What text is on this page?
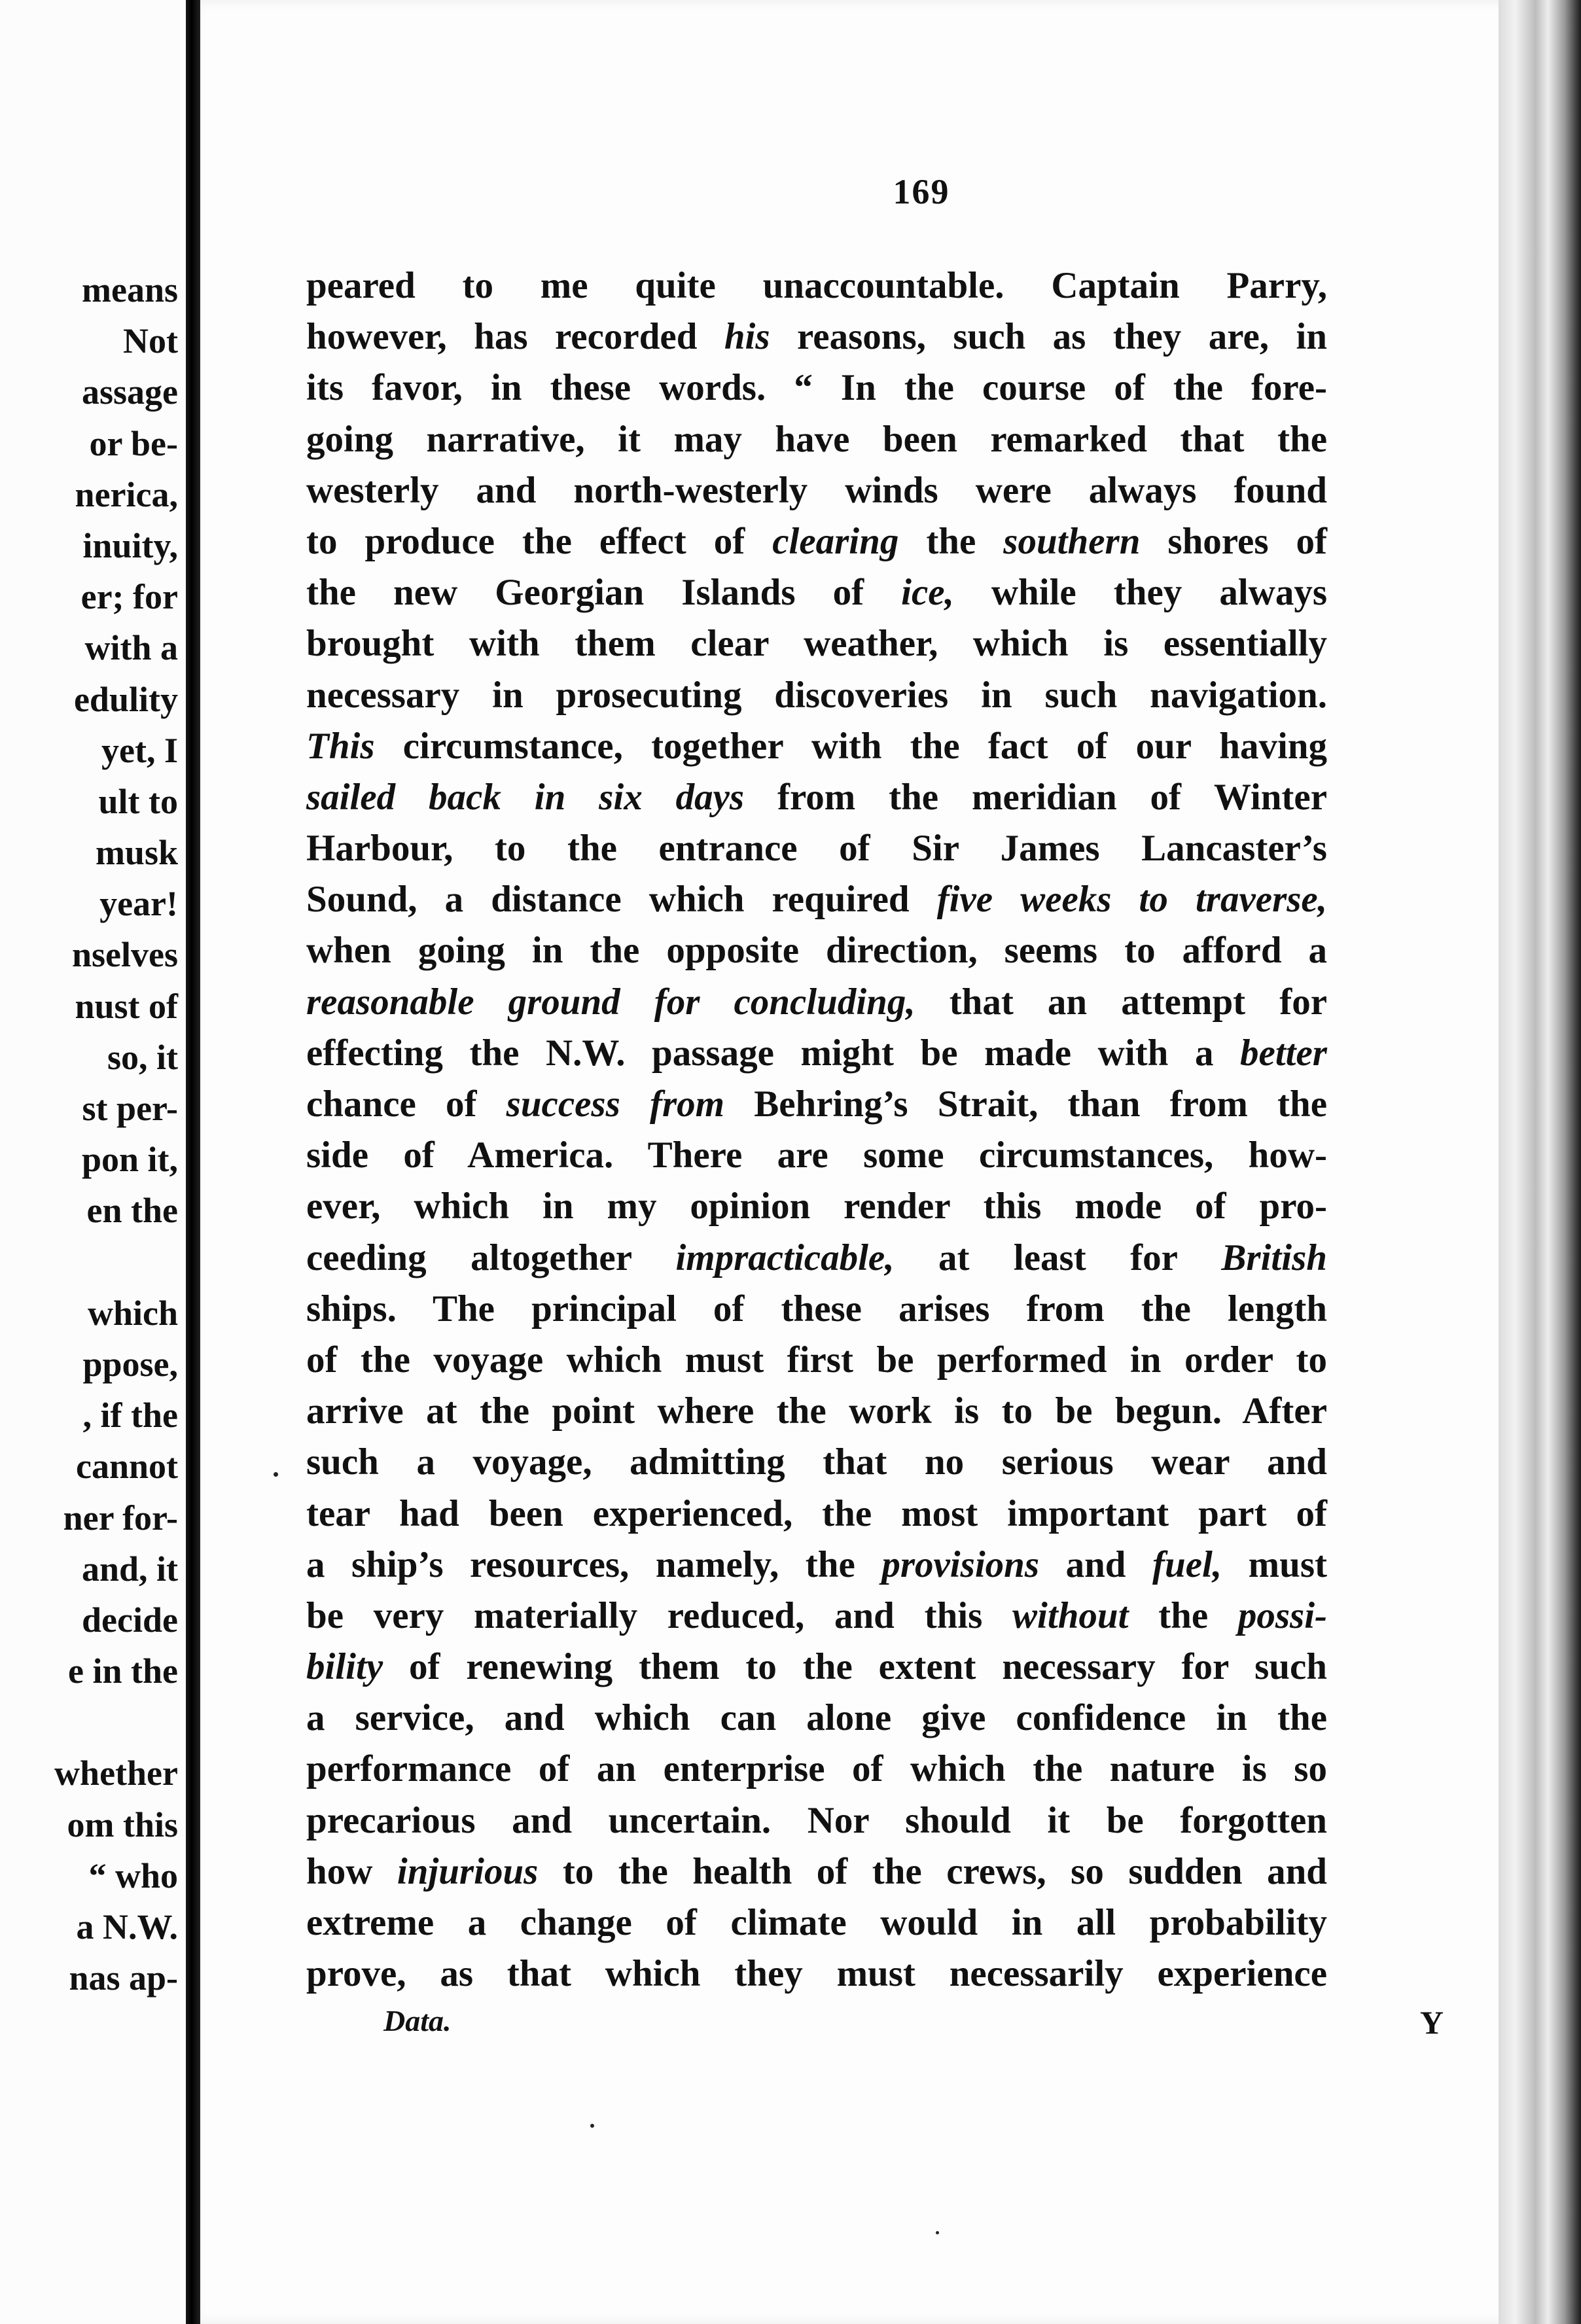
means
Not
assage
or be-
nerica,
inuity,
er; for
with a
edulity
yet, I
ult to
musk
year!
nselves
nust of
so, it
st per-
pon it,
en the
which
ppose,
, if the
cannot
ner for-
and, it
decide
e in the
whether
om this
“ who
a N.W.
nas ap-
169
peared to me quite unaccountable. Captain Parry,
however, has recorded his reasons, such as they are, in
its favor, in these words. “ In the course of the fore-
going narrative, it may have been remarked that the
westerly and north-westerly winds were always found
to produce the effect of clearing the southern shores of
the new Georgian Islands of ice, while they always
brought with them clear weather, which is essentially
necessary in prosecuting discoveries in such navigation.
This circumstance, together with the fact of our having
sailed back in six days from the meridian of Winter
Harbour, to the entrance of Sir James Lancaster’s
Sound, a distance which required five weeks to traverse,
when going in the opposite direction, seems to afford a
reasonable ground for concluding, that an attempt for
effecting the N.W. passage might be made with a better
chance of success from Behring’s Strait, than from the
side of America. There are some circumstances, how-
ever, which in my opinion render this mode of pro-
ceeding altogether impracticable, at least for British
ships. The principal of these arises from the length
of the voyage which must first be performed in order to
arrive at the point where the work is to be begun. After
such a voyage, admitting that no serious wear and
tear had been experienced, the most important part of
a ship’s resources, namely, the provisions and fuel, must
be very materially reduced, and this without the possi-
bility of renewing them to the extent necessary for such
a service, and which can alone give confidence in the
performance of an enterprise of which the nature is so
precarious and uncertain. Nor should it be forgotten
how injurious to the health of the crews, so sudden and
extreme a change of climate would in all probability
prove, as that which they must necessarily experience
Data.	Y
